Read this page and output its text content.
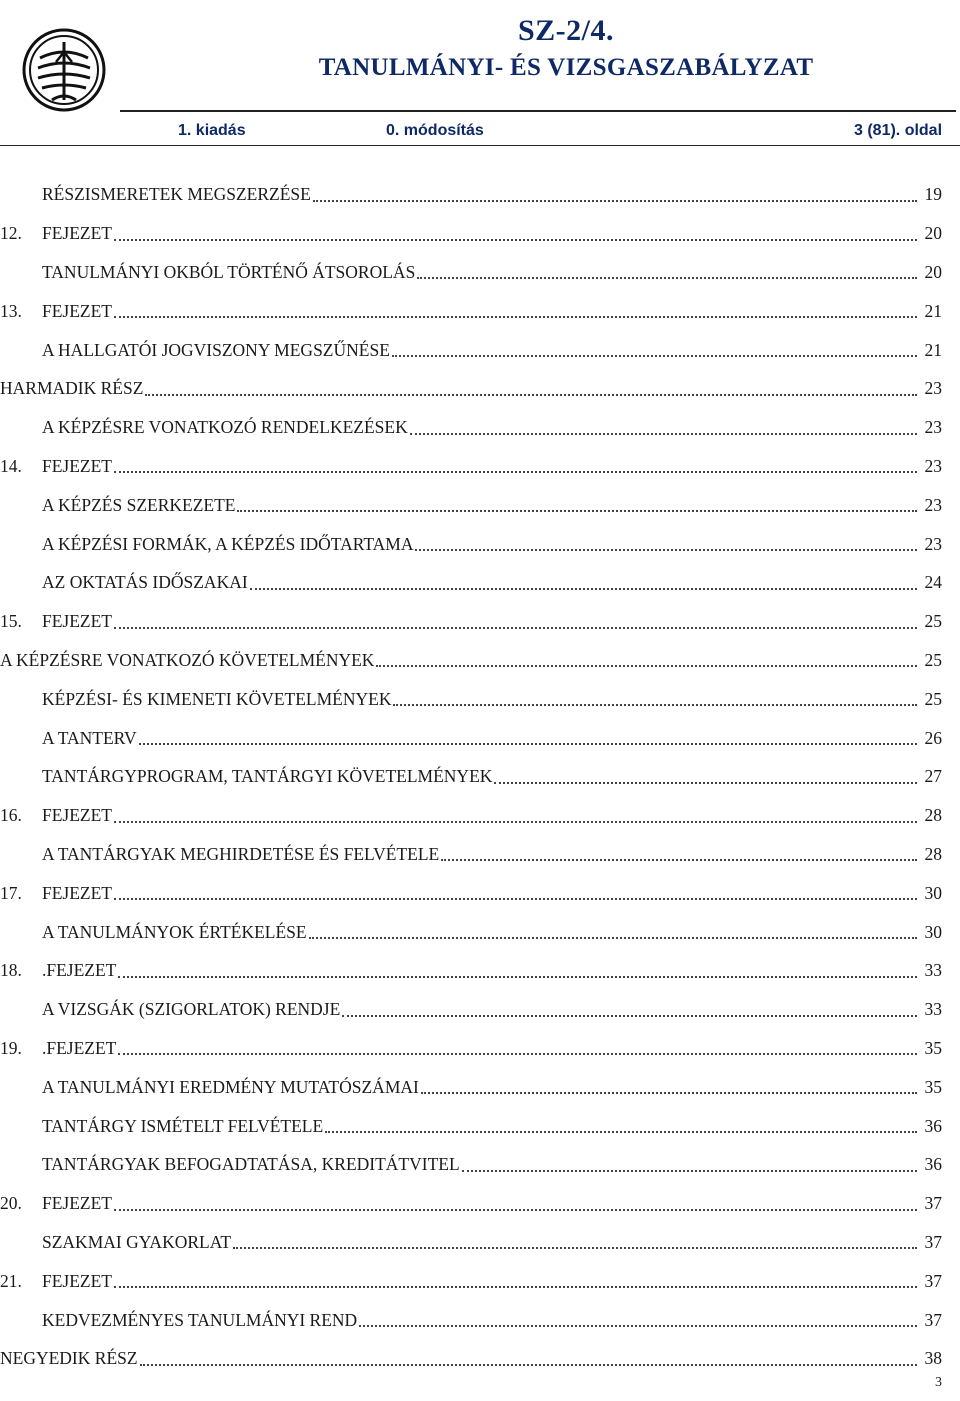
SZ-2/4.
TANULMÁNYI- ÉS VIZSGASZABÁLYZAT
1. kiadás	0. módosítás	3 (81). oldal
RÉSZISMERETEK MEGSZERZÉSE	19
12.	FEJEZET	20
TANULMÁNYI OKBÓL TÖRTÉNŐ ÁTSOROLÁS	20
13.	FEJEZET	21
A HALLGATÓI JOGVISZONY MEGSZŰNÉSE	21
HARMADIK RÉSZ	23
A KÉPZÉSRE VONATKOZÓ RENDELKEZÉSEK	23
14.	FEJEZET	23
A KÉPZÉS SZERKEZETE	23
A KÉPZÉSI FORMÁK, A KÉPZÉS IDŐTARTAMA	23
AZ OKTATÁS IDŐSZAKAI	24
15.	FEJEZET	25
A KÉPZÉSRE VONATKOZÓ KÖVETELMÉNYEK	25
KÉPZÉSI- ÉS KIMENETI KÖVETELMÉNYEK	25
A TANTERV	26
TANTÁRGYPROGRAM, TANTÁRGYI KÖVETELMÉNYEK	27
16.	FEJEZET	28
A TANTÁRGYAK MEGHIRDETÉSE ÉS FELVÉTELE	28
17.	FEJEZET	30
A TANULMÁNYOK ÉRTÉKELÉSE	30
18.	.FEJEZET	33
A VIZSGÁK (SZIGORLATOK) RENDJE	33
19.	.FEJEZET	35
A TANULMÁNYI EREDMÉNY MUTATÓSZÁMAI	35
TANTÁRGY ISMÉTELT FELVÉTELE	36
TANTÁRGYAK BEFOGADTATÁSA, KREDITÁTVITEL	36
20.	FEJEZET	37
SZAKMAI GYAKORLAT	37
21.	FEJEZET	37
KEDVEZMÉNYES TANULMÁNYI REND	37
NEGYEDIK RÉSZ	38
3
